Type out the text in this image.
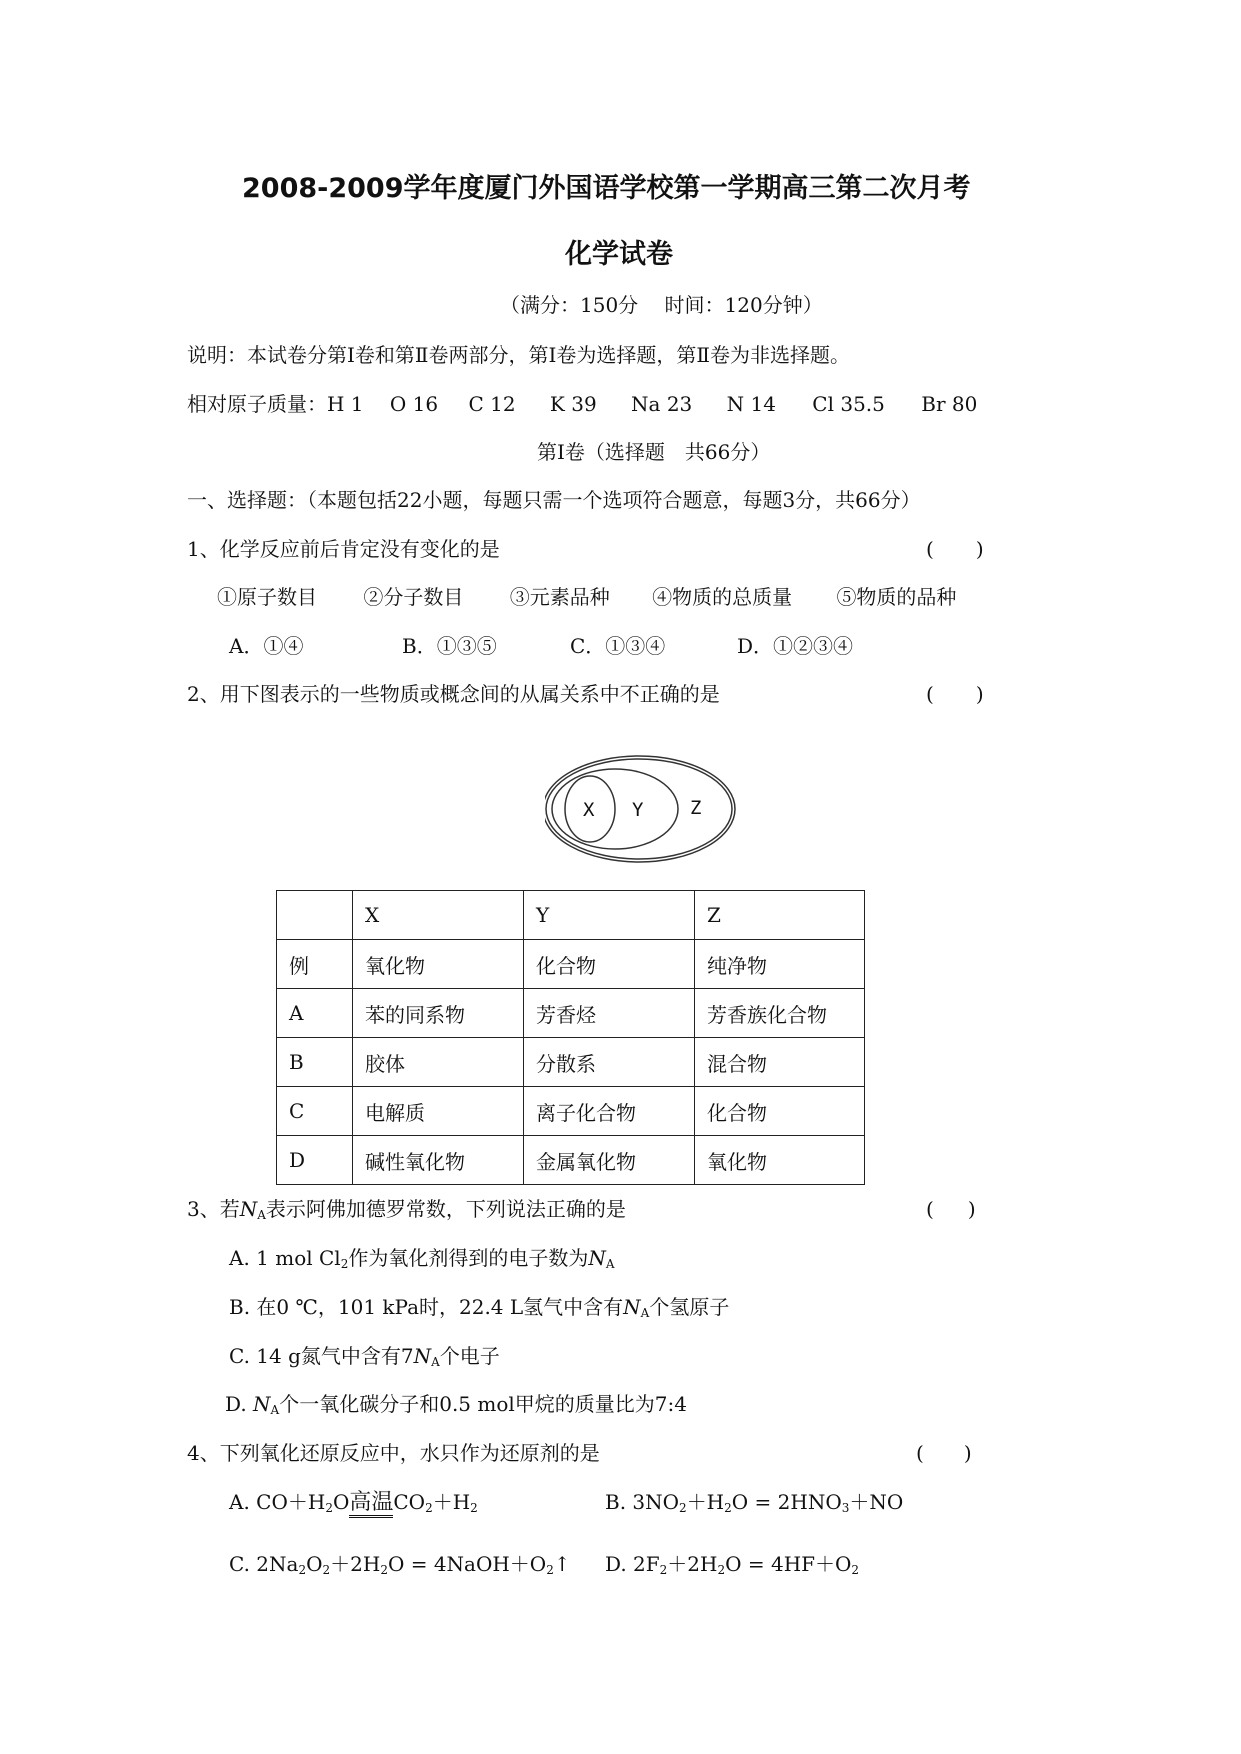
2008-2009学年度厦门外国语学校第一学期高三第二次月考
化学试卷
（满分：150分　 时间：120分钟）
说明：本试卷分第Ⅰ卷和第Ⅱ卷两部分，第Ⅰ卷为选择题，第Ⅱ卷为非选择题。
相对原子质量：H 1 O 16 C 12 K 39 Na 23 N 14 Cl 35.5 Br 80
第Ⅰ卷（选择题　共66分）
一、选择题：（本题包括22小题，每题只需一个选项符合题意，每题3分，共66分）
1、化学反应前后肯定没有变化的是	( )
①原子数目 ②分子数目 ③元素品种 ④物质的总质量 ⑤物质的品种
A．①④	B．①③⑤	C．①③④	D．①②③④
2、用下图表示的一些物质或概念间的从属关系中不正确的是	( )
X Y Z
	X	Y	Z
例	氧化物	化合物	纯净物
A	苯的同系物	芳香烃	芳香族化合物
B	胶体	分散系	混合物
C	电解质	离子化合物	化合物
D	碱性氧化物	金属氧化物	氧化物
3、若$N_A$表示阿佛加德罗常数，下列说法正确的是	( )
A. 1 mol $Cl_2$作为氧化剂得到的电子数为$N_A$
B. 在0 ℃，101 kPa时，22.4 L氢气中含有$N_A$个氢原子
C. 14 g氮气中含有$7N_A$个电子
D. $N_A$个一氧化碳分子和0.5 mol甲烷的质量比为7:4
4、下列氧化还原反应中，水只作为还原剂的是	( )
A. $CO+H_2O$高温$CO_2+H_2$	B. $3NO_2+H_2O = 2HNO_3+NO$
C. $2Na_2O_2+2H_2O$ = $4NaOH+O_2↑$ D. $2F_2+2H_2O = 4HF+O_2$
